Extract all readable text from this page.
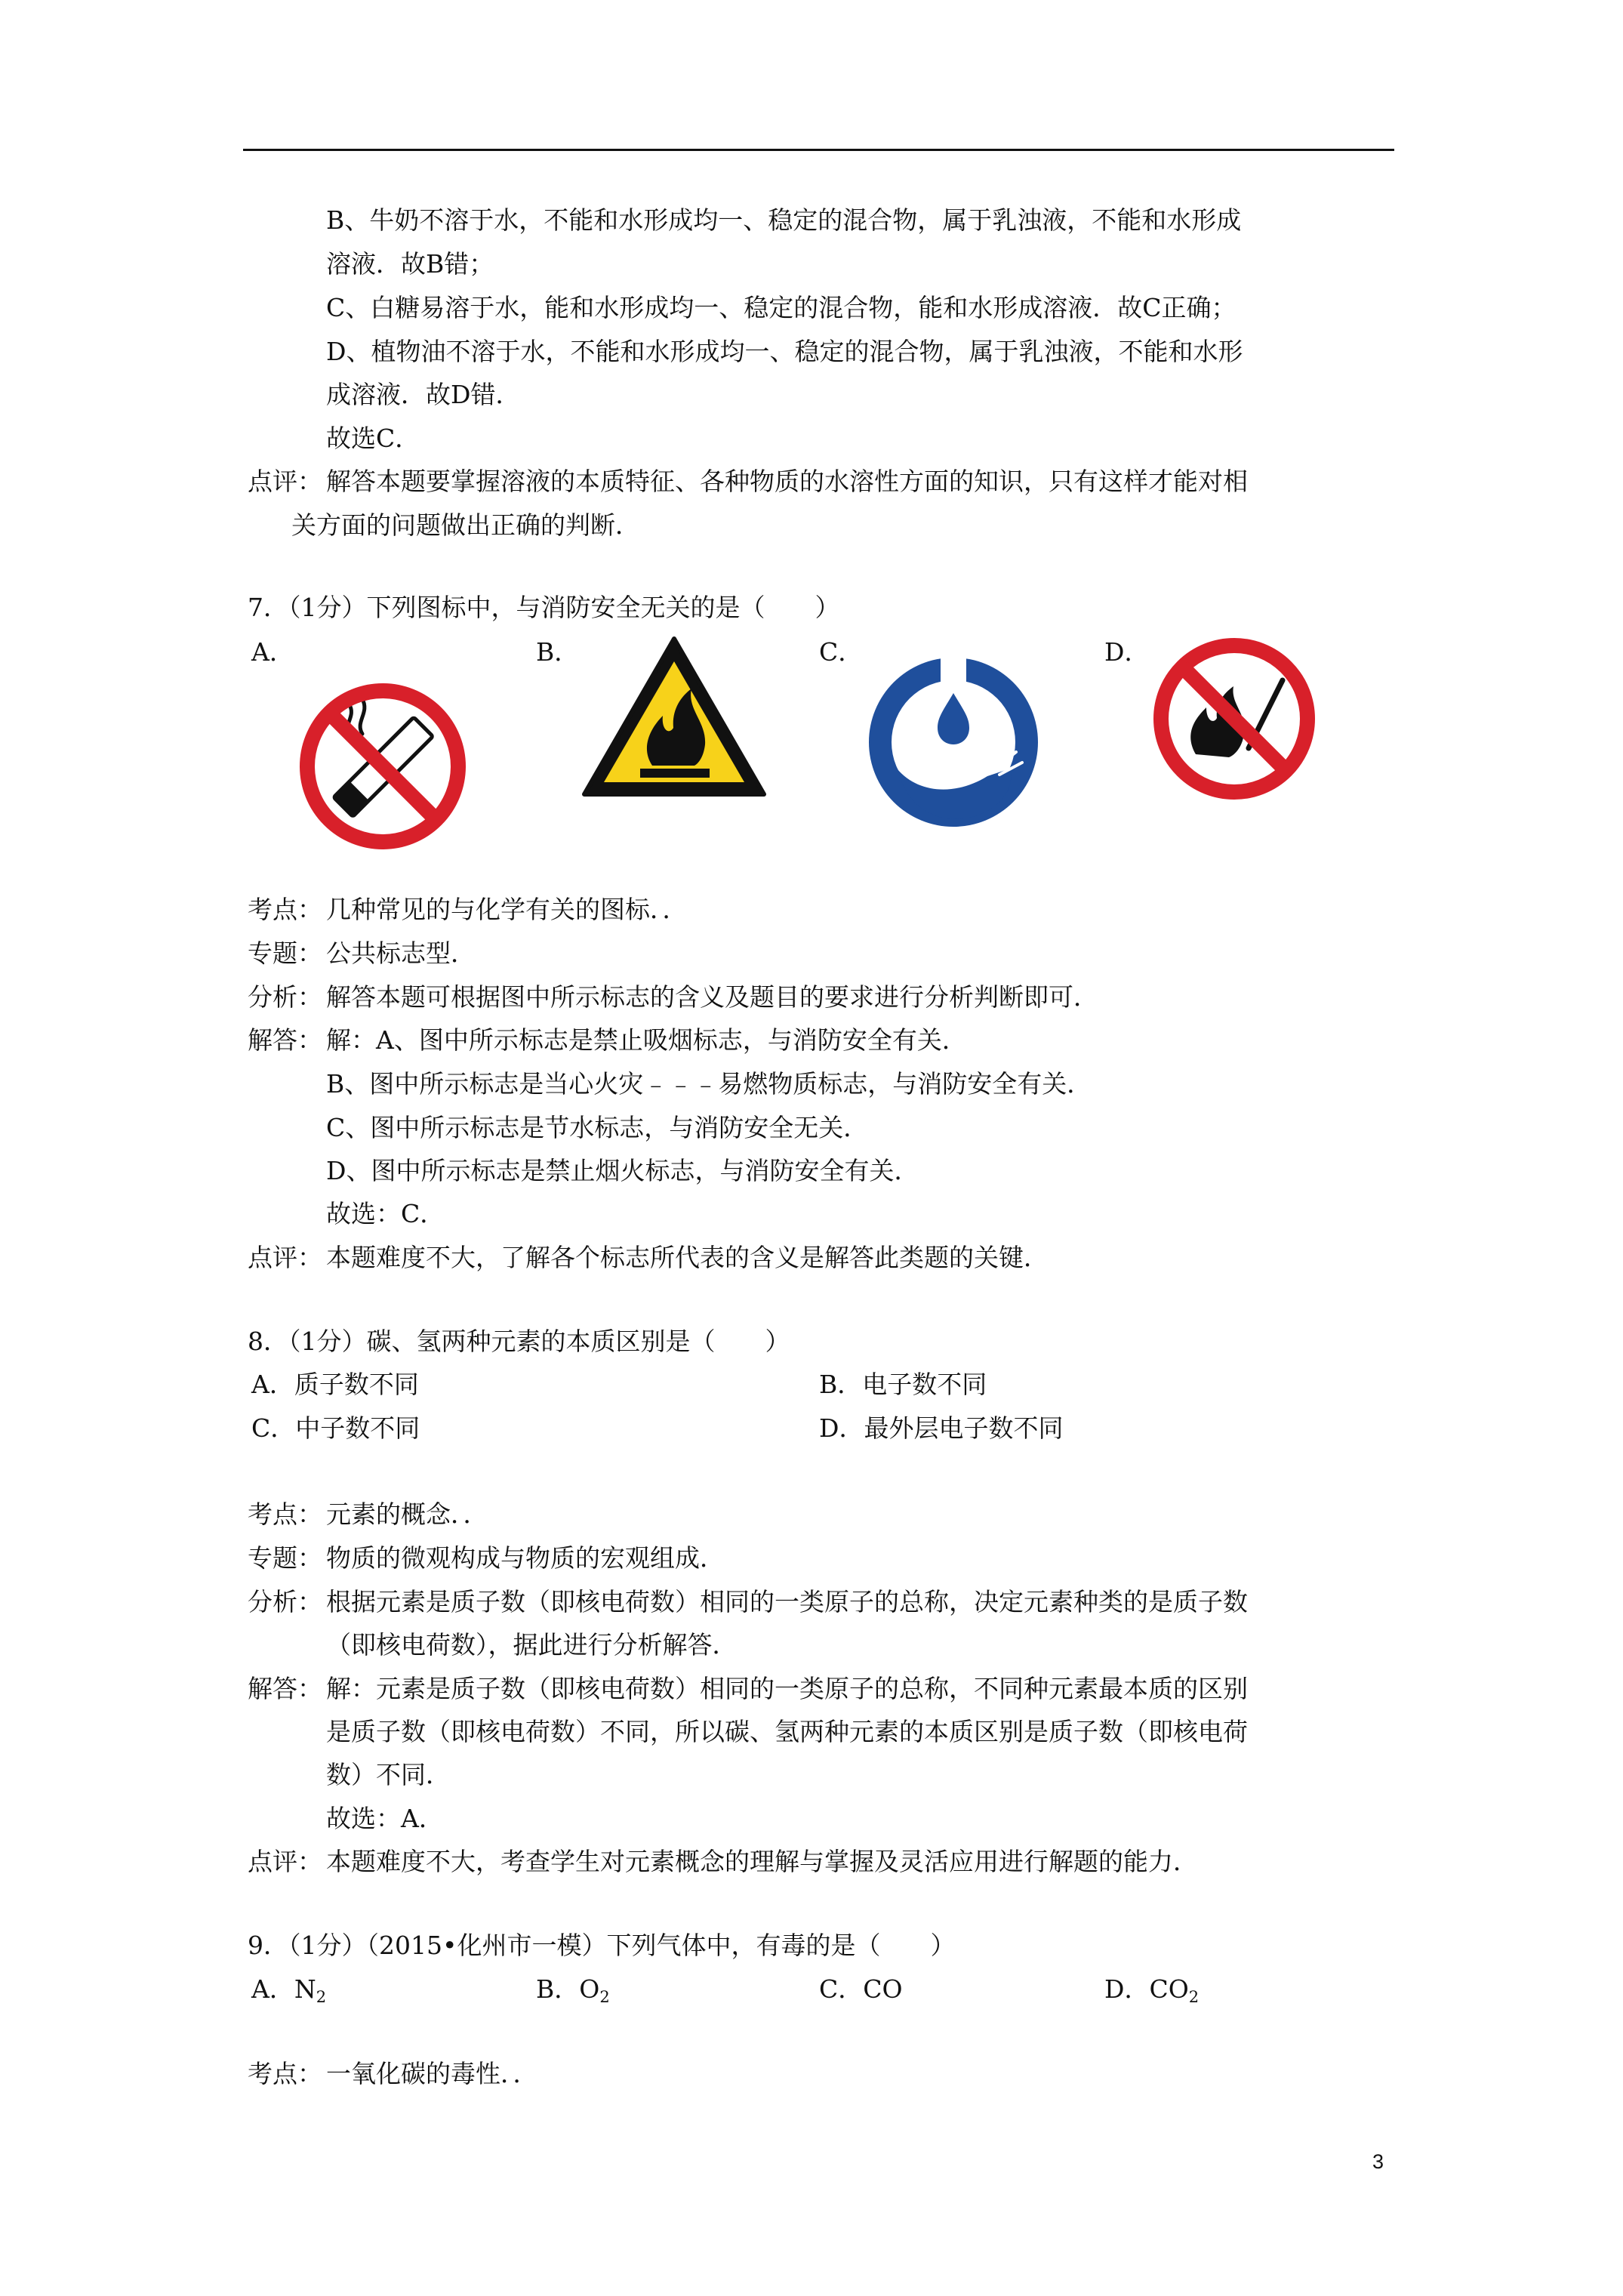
B、牛奶不溶于水，不能和水形成均一、稳定的混合物，属于乳浊液，不能和水形成
溶液．故B错；
C、白糖易溶于水，能和水形成均一、稳定的混合物，能和水形成溶液．故C正确；
D、植物油不溶于水，不能和水形成均一、稳定的混合物，属于乳浊液，不能和水形
成溶液．故D错．
故选C．
点评： 解答本题要掌握溶液的本质特征、各种物质的水溶性方面的知识，只有这样才能对相
关方面的问题做出正确的判断．
7．（1分）下列图标中，与消防安全无关的是（　　）
A．	B．	C．	D．
考点： 几种常见的与化学有关的图标．．
专题： 公共标志型．
分析： 解答本题可根据图中所示标志的含义及题目的要求进行分析判断即可．
解答： 解：A、图中所示标志是禁止吸烟标志，与消防安全有关．
B、图中所示标志是当心火灾﹣﹣﹣易燃物质标志，与消防安全有关．
C、图中所示标志是节水标志，与消防安全无关．
D、图中所示标志是禁止烟火标志，与消防安全有关．
故选：C．
点评： 本题难度不大，了解各个标志所代表的含义是解答此类题的关键．
8．（1分）碳、氢两种元素的本质区别是（　　）
A．质子数不同	B．电子数不同
C．中子数不同	D．最外层电子数不同
考点： 元素的概念．．
专题： 物质的微观构成与物质的宏观组成．
分析： 根据元素是质子数（即核电荷数）相同的一类原子的总称，决定元素种类的是质子数
（即核电荷数），据此进行分析解答．
解答： 解：元素是质子数（即核电荷数）相同的一类原子的总称，不同种元素最本质的区别
是质子数（即核电荷数）不同，所以碳、氢两种元素的本质区别是质子数（即核电荷
数）不同．
故选：A．
点评： 本题难度不大，考查学生对元素概念的理解与掌握及灵活应用进行解题的能力．
9．（1分）（2015•化州市一模）下列气体中，有毒的是（　　）
A．$N_2$	B．$O_2$	C．CO	D．$CO_2$
考点： 一氧化碳的毒性．．
3
